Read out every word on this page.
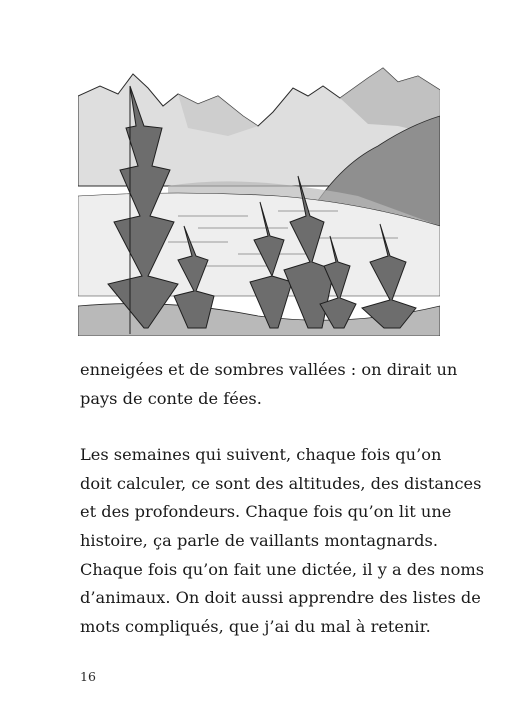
enneigées et de sombres vallées : on dirait un
pays de conte de fées.

Les semaines qui suivent, chaque fois qu’on
doit calculer, ce sont des altitudes, des distances
et des profondeurs. Chaque fois qu’on lit une
histoire, ça parle de vaillants montagnards.
Chaque fois qu’on fait une dictée, il y a des noms
d’animaux. On doit aussi apprendre des listes de
mots compliqués, que j’ai du mal à retenir.

16
